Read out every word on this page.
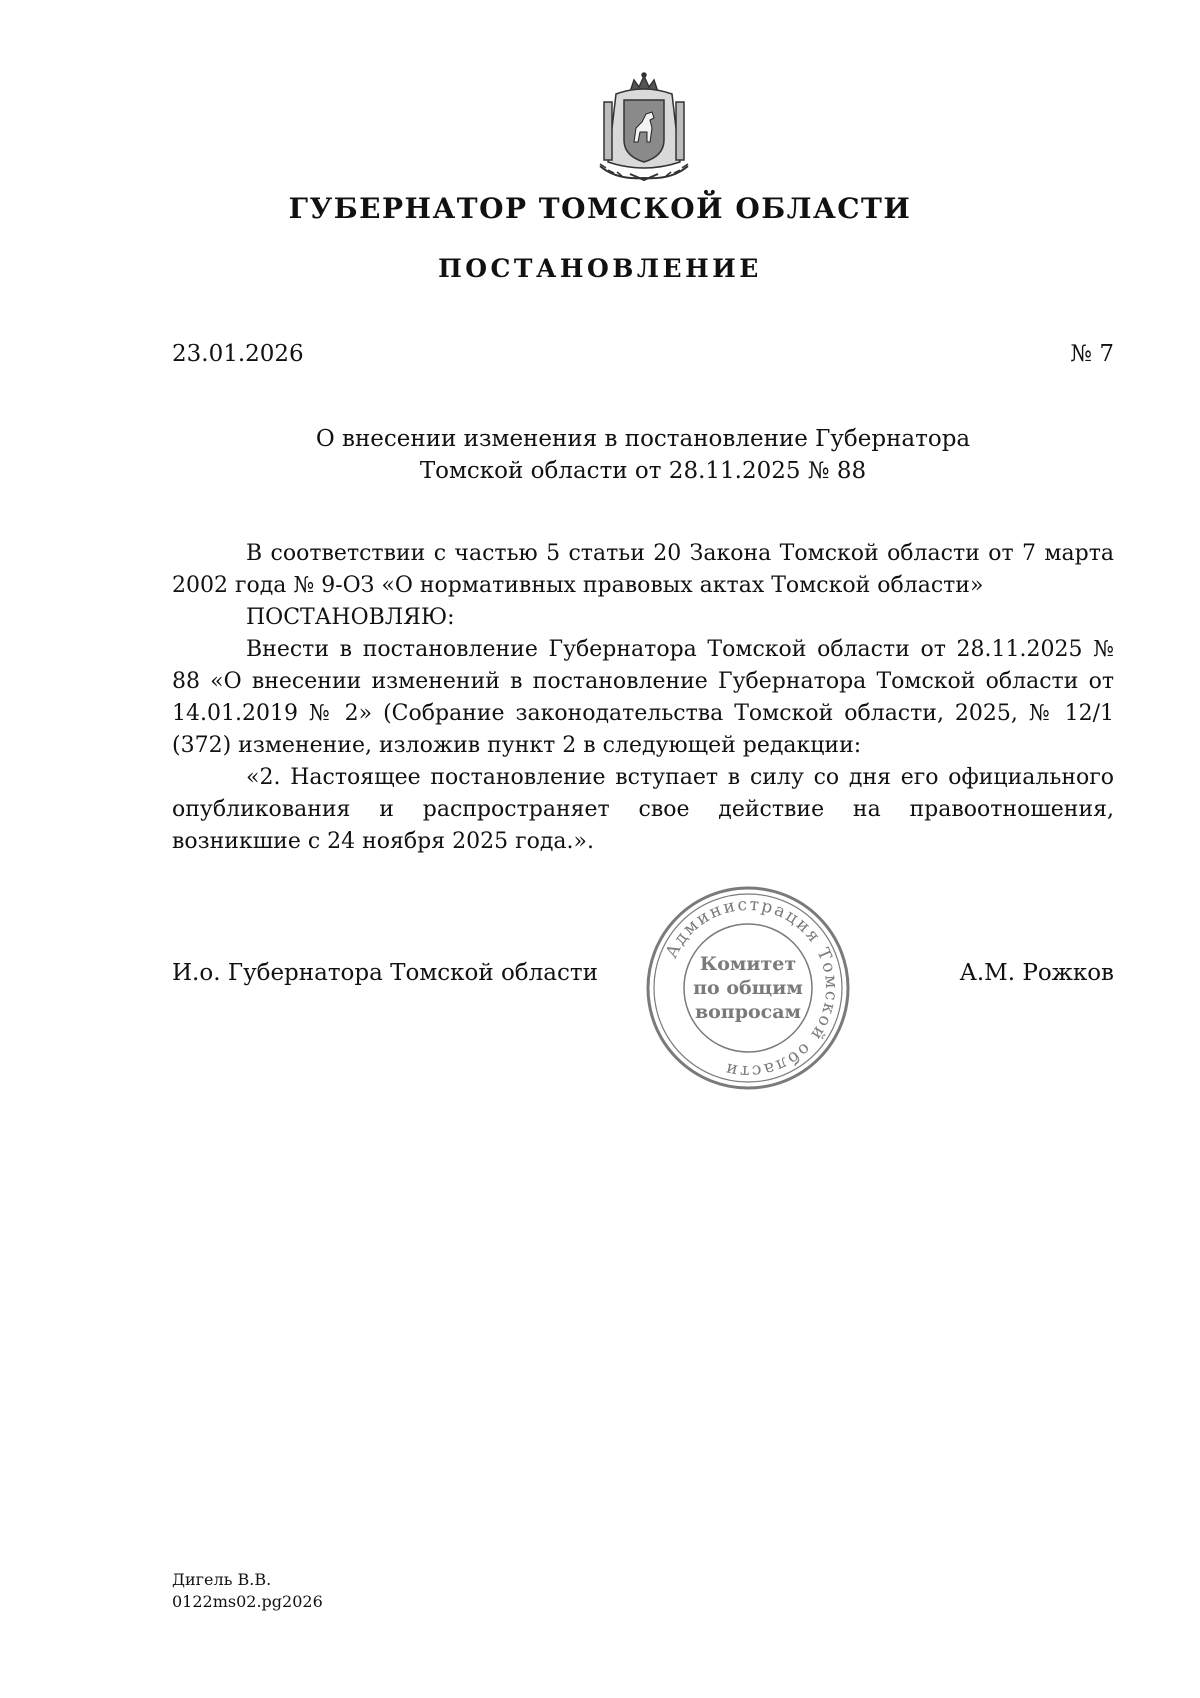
ГУБЕРНАТОР ТОМСКОЙ ОБЛАСТИ
ПОСТАНОВЛЕНИЕ
23.01.2026	№ 7
О внесении изменения в постановление Губернатора
Томской области от 28.11.2025 № 88

В соответствии с частью 5 статьи 20 Закона Томской области от 7 марта 2002 года № 9-ОЗ «О нормативных правовых актах Томской области»

ПОСТАНОВЛЯЮ:

Внести в постановление Губернатора Томской области от 28.11.2025 № 88 «О внесении изменений в постановление Губернатора Томской области от 14.01.2019 № 2» (Собрание законодательства Томской области, 2025, № 12/1 (372) изменение, изложив пункт 2 в следующей редакции:

«2. Настоящее постановление вступает в силу со дня его официального опубликования и распространяет свое действие на правоотношения, возникшие с 24 ноября 2025 года.».

И.о. Губернатора Томской области
Администрация Томской области
Комитет
по общим
вопросам
А.М. Рожков
Дигель В.В.
0122ms02.pg2026
